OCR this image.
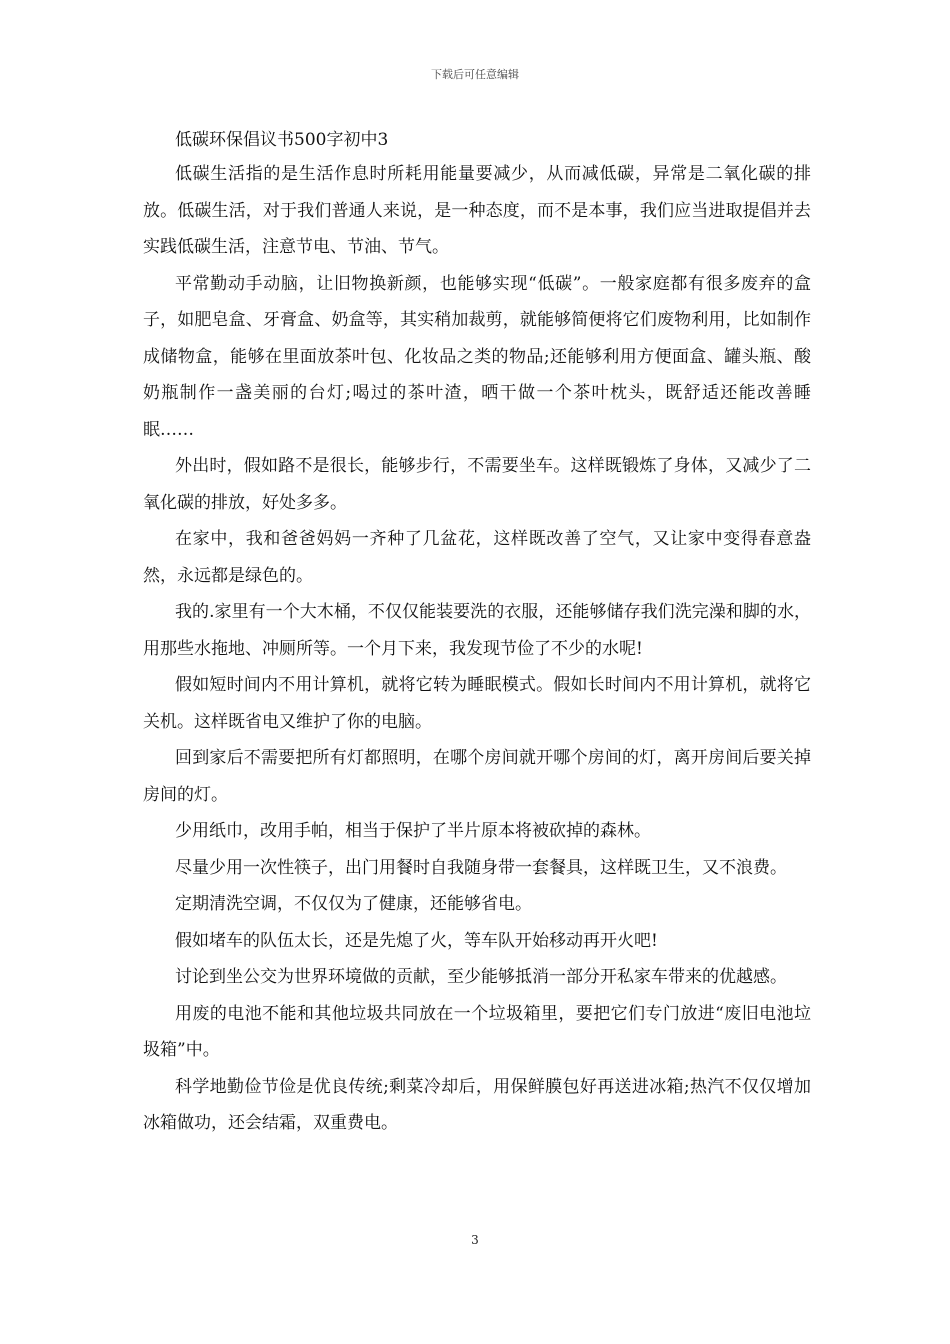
下载后可任意编辑

低碳环保倡议书500字初中3

低碳生活指的是生活作息时所耗用能量要减少，从而减低碳，异常是二氧化碳的排放。低碳生活，对于我们普通人来说，是一种态度，而不是本事，我们应当进取提倡并去实践低碳生活，注意节电、节油、节气。

平常勤动手动脑，让旧物换新颜，也能够实现“低碳”。一般家庭都有很多废弃的盒子，如肥皂盒、牙膏盒、奶盒等，其实稍加裁剪，就能够简便将它们废物利用，比如制作成储物盒，能够在里面放茶叶包、化妆品之类的物品;还能够利用方便面盒、罐头瓶、酸奶瓶制作一盏美丽的台灯;喝过的茶叶渣，晒干做一个茶叶枕头，既舒适还能改善睡眠……

外出时，假如路不是很长，能够步行，不需要坐车。这样既锻炼了身体，又减少了二氧化碳的排放，好处多多。

在家中，我和爸爸妈妈一齐种了几盆花，这样既改善了空气，又让家中变得春意盎然，永远都是绿色的。

我的.家里有一个大木桶，不仅仅能装要洗的衣服，还能够储存我们洗完澡和脚的水，用那些水拖地、冲厕所等。一个月下来，我发现节俭了不少的水呢!

假如短时间内不用计算机，就将它转为睡眠模式。假如长时间内不用计算机，就将它关机。这样既省电又维护了你的电脑。

回到家后不需要把所有灯都照明，在哪个房间就开哪个房间的灯，离开房间后要关掉房间的灯。

少用纸巾，改用手帕，相当于保护了半片原本将被砍掉的森林。

尽量少用一次性筷子，出门用餐时自我随身带一套餐具，这样既卫生，又不浪费。

定期清洗空调，不仅仅为了健康，还能够省电。

假如堵车的队伍太长，还是先熄了火，等车队开始移动再开火吧!

讨论到坐公交为世界环境做的贡献，至少能够抵消一部分开私家车带来的优越感。

用废的电池不能和其他垃圾共同放在一个垃圾箱里，要把它们专门放进“废旧电池垃圾箱”中。

科学地勤俭节俭是优良传统;剩菜冷却后，用保鲜膜包好再送进冰箱;热汽不仅仅增加冰箱做功，还会结霜，双重费电。

3
